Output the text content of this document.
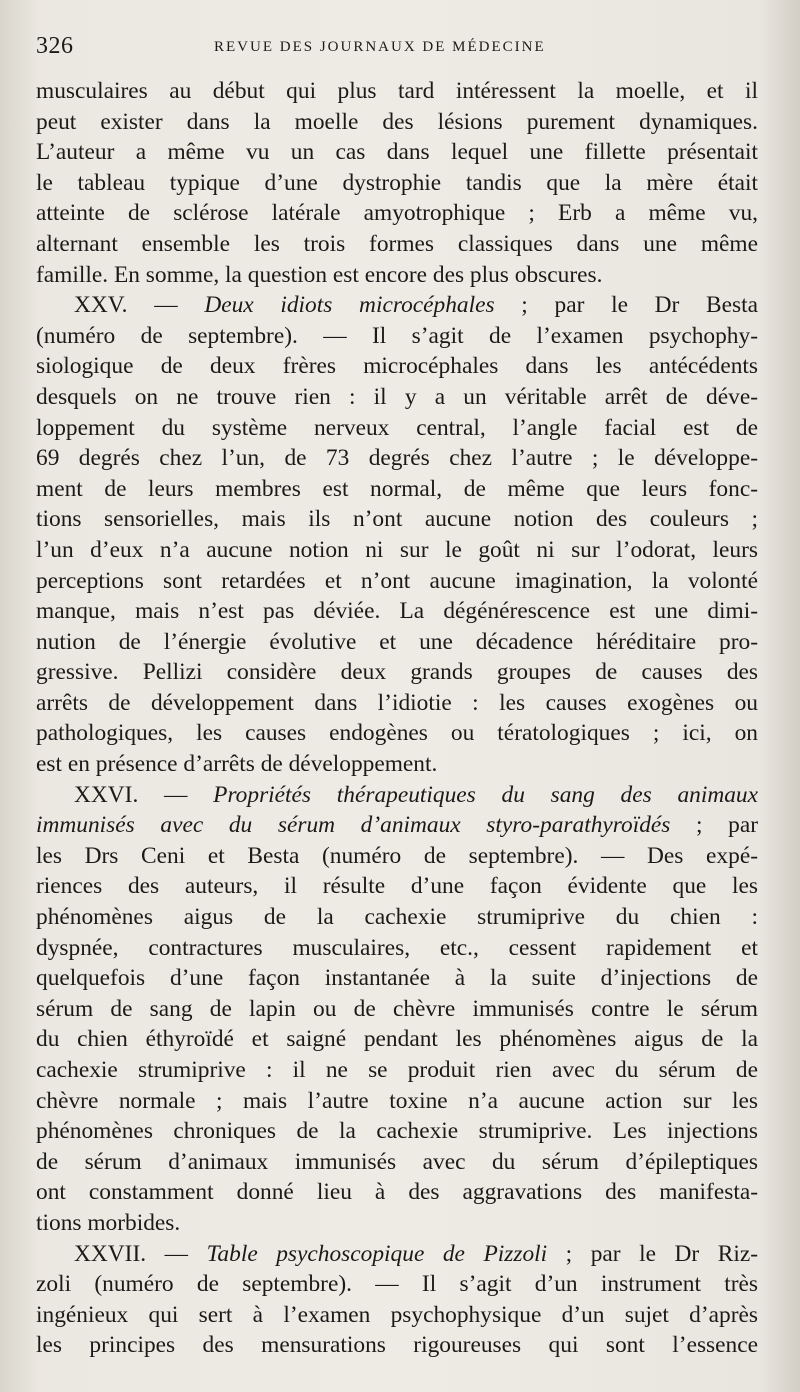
326	REVUE DES JOURNAUX DE MÉDECINE
musculaires au début qui plus tard intéressent la moelle, et il
peut exister dans la moelle des lésions purement dynamiques.
L’auteur a même vu un cas dans lequel une fillette présentait
le tableau typique d’une dystrophie tandis que la mère était
atteinte de sclérose latérale amyotrophique ; Erb a même vu,
alternant ensemble les trois formes classiques dans une même
famille. En somme, la question est encore des plus obscures.
XXV. — Deux idiots microcéphales ; par le Dr Besta
(numéro de septembre). — Il s’agit de l’examen psychophy-
siologique de deux frères microcéphales dans les antécédents
desquels on ne trouve rien : il y a un véritable arrêt de déve-
loppement du système nerveux central, l’angle facial est de
69 degrés chez l’un, de 73 degrés chez l’autre ; le développe-
ment de leurs membres est normal, de même que leurs fonc-
tions sensorielles, mais ils n’ont aucune notion des couleurs ;
l’un d’eux n’a aucune notion ni sur le goût ni sur l’odorat, leurs
perceptions sont retardées et n’ont aucune imagination, la volonté
manque, mais n’est pas déviée. La dégénérescence est une dimi-
nution de l’énergie évolutive et une décadence héréditaire pro-
gressive. Pellizi considère deux grands groupes de causes des
arrêts de développement dans l’idiotie : les causes exogènes ou
pathologiques, les causes endogènes ou tératologiques ; ici, on
est en présence d’arrêts de développement.
XXVI. — Propriétés thérapeutiques du sang des animaux
immunisés avec du sérum d’animaux styro-parathyroïdés ; par
les Drs Ceni et Besta (numéro de septembre). — Des expé-
riences des auteurs, il résulte d’une façon évidente que les
phénomènes aigus de la cachexie strumiprive du chien :
dyspnée, contractures musculaires, etc., cessent rapidement et
quelquefois d’une façon instantanée à la suite d’injections de
sérum de sang de lapin ou de chèvre immunisés contre le sérum
du chien éthyroïdé et saigné pendant les phénomènes aigus de la
cachexie strumiprive : il ne se produit rien avec du sérum de
chèvre normale ; mais l’autre toxine n’a aucune action sur les
phénomènes chroniques de la cachexie strumiprive. Les injections
de sérum d’animaux immunisés avec du sérum d’épileptiques
ont constamment donné lieu à des aggravations des manifesta-
tions morbides.
XXVII. — Table psychoscopique de Pizzoli ; par le Dr Riz-
zoli (numéro de septembre). — Il s’agit d’un instrument très
ingénieux qui sert à l’examen psychophysique d’un sujet d’après
les principes des mensurations rigoureuses qui sont l’essence
